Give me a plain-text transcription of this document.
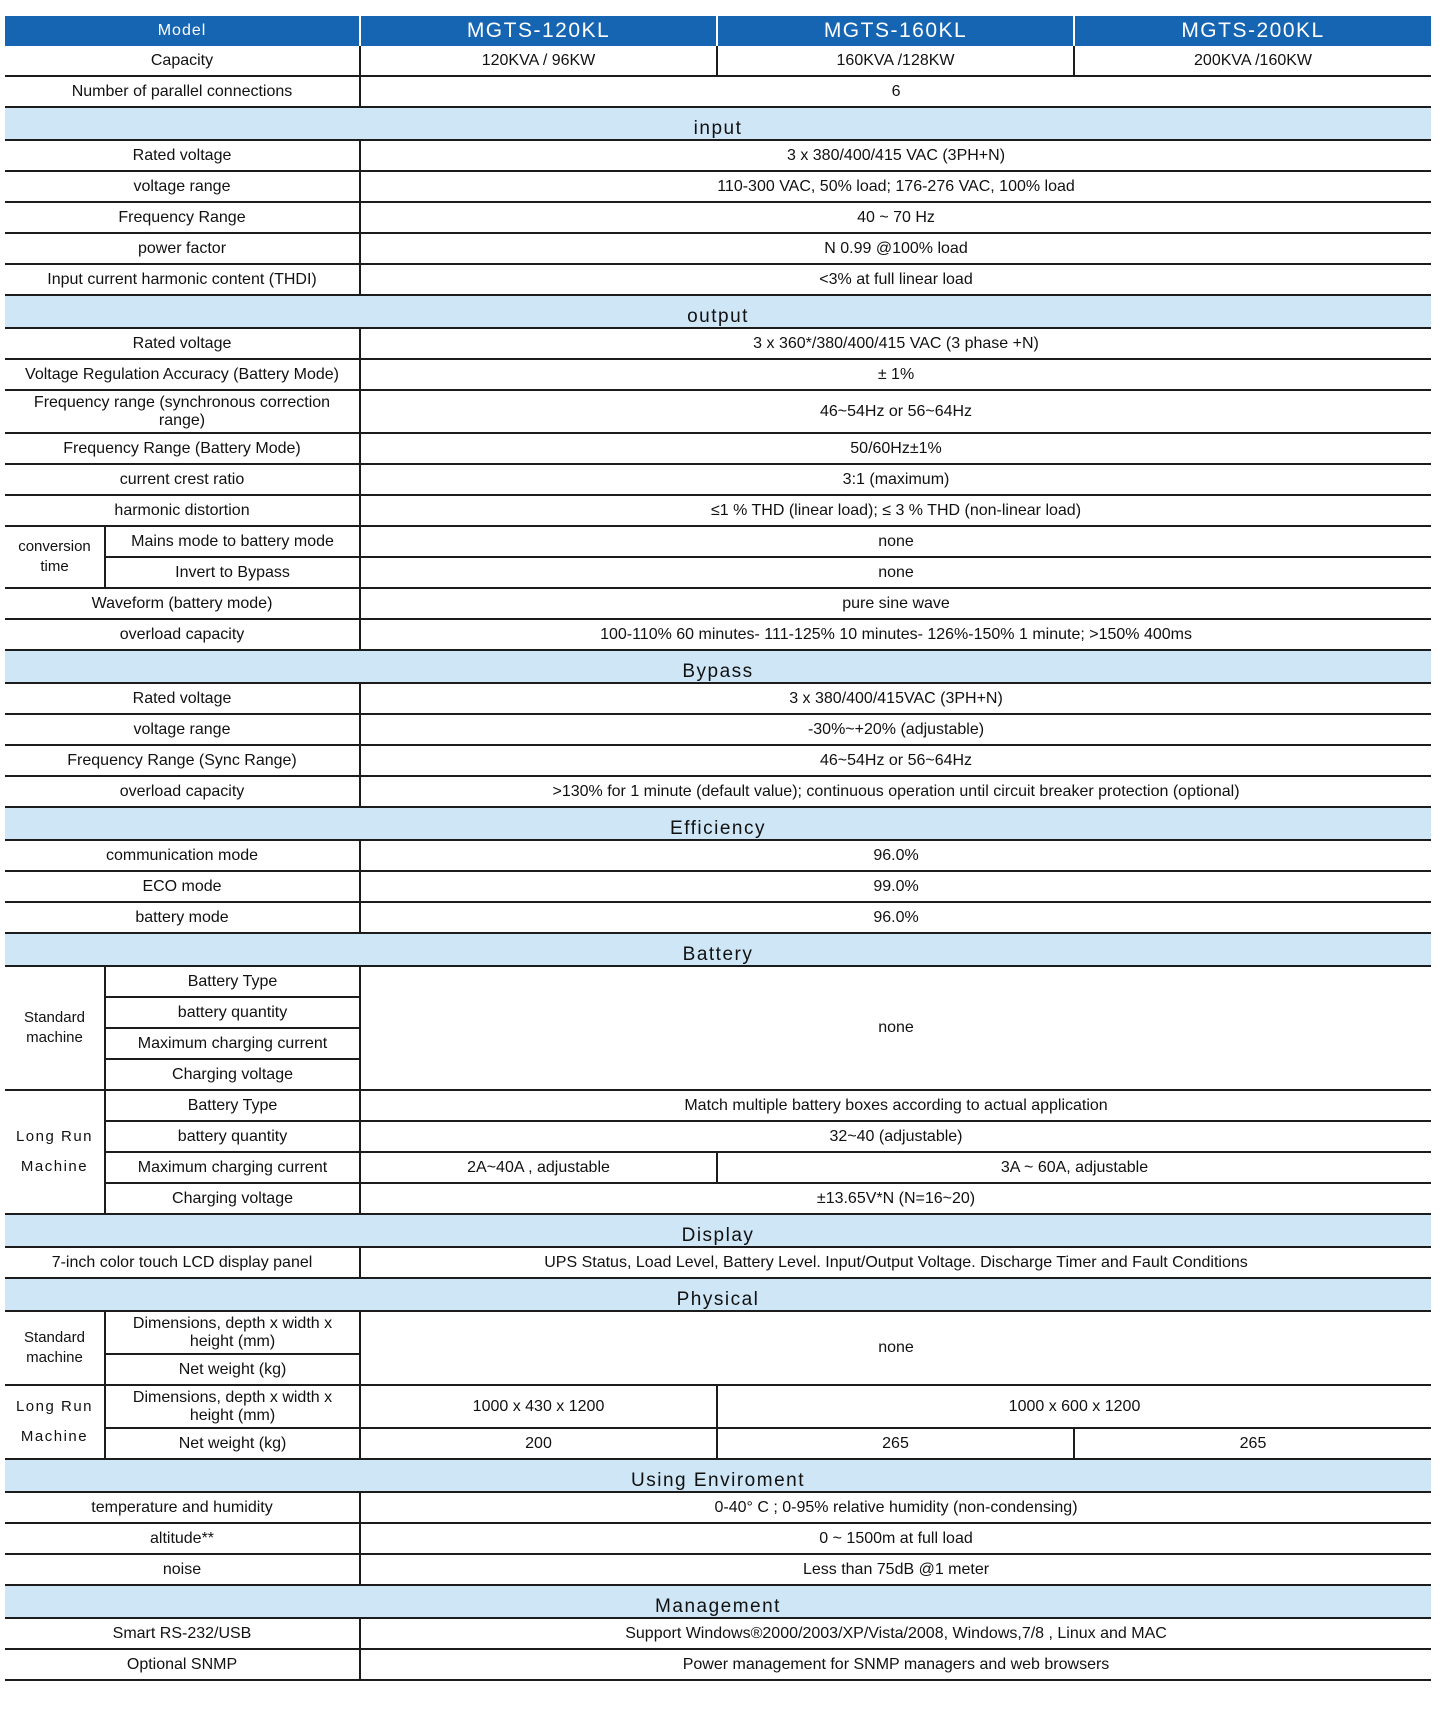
Model		MGTS-120KL	MGTS-160KL	MGTS-200KL
Capacity		120KVA / 96KW	160KVA /128KW	200KVA /160KW
Number of parallel connections		6		
input				
Rated voltage		3 x 380/400/415 VAC (3PH+N)		
voltage range		110-300 VAC, 50% load; 176-276 VAC, 100% load		
Frequency Range		40 ~ 70 Hz		
power factor		N 0.99 @100% load		
Input current harmonic content (THDI)		<3% at full linear load		
output				
Rated voltage		3 x 360*/380/400/415 VAC (3 phase +N)		
Voltage Regulation Accuracy (Battery Mode)		± 1%		
Frequency range (synchronous correction range)		46~54Hz or 56~64Hz		
Frequency Range (Battery Mode)		50/60Hz±1%		
current crest ratio		3:1 (maximum)		
harmonic distortion		≤1 % THD (linear load); ≤ 3 % THD (non-linear load)		
conversion time	Mains mode to battery mode	none		
	Invert to Bypass	none		
Waveform (battery mode)		pure sine wave		
overload capacity		100-110% 60 minutes- 111-125% 10 minutes- 126%-150% 1 minute; >150% 400ms		
Bypass				
Rated voltage		3 x 380/400/415VAC (3PH+N)		
voltage range		-30%~+20% (adjustable)		
Frequency Range (Sync Range)		46~54Hz or 56~64Hz		
overload capacity		>130% for 1 minute (default value); continuous operation until circuit breaker protection (optional)		
Efficiency				
communication mode		96.0%		
ECO mode		99.0%		
battery mode		96.0%		
Battery				
Standard machine	Battery Type	none		
	battery quantity			
	Maximum charging current			
	Charging voltage			
Long Run Machine	Battery Type	Match multiple battery boxes according to actual application		
	battery quantity	32~40 (adjustable)		
	Maximum charging current	2A~40A , adjustable	3A ~ 60A, adjustable	
	Charging voltage	±13.65V*N (N=16~20)		
Display				
7-inch color touch LCD display panel		UPS Status, Load Level, Battery Level. Input/Output Voltage. Discharge Timer and Fault Conditions		
Physical				
Standard machine	Dimensions, depth x width x height (mm)	none		
	Net weight (kg)			
Long Run Machine	Dimensions, depth x width x height (mm)	1000 x 430 x 1200	1000 x 600 x 1200	
	Net weight (kg)	200	265	265
Using Enviroment				
temperature and humidity		0-40° C ; 0-95% relative humidity (non-condensing)		
altitude**		0 ~ 1500m at full load		
noise		Less than 75dB @1 meter		
Management				
Smart RS-232/USB		Support Windows®2000/2003/XP/Vista/2008, Windows,7/8 , Linux and MAC		
Optional SNMP		Power management for SNMP managers and web browsers		
